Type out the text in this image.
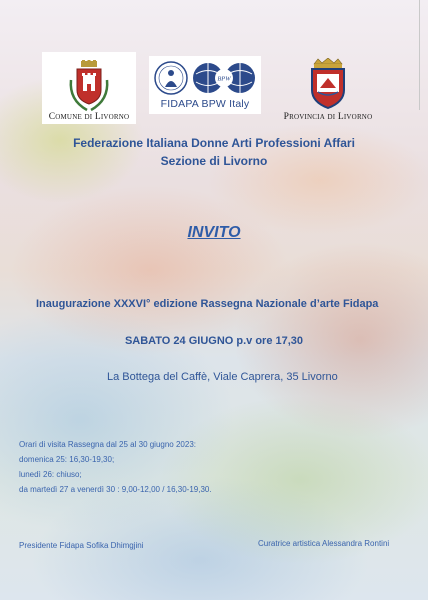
Comune di Livorno
BPW
FIDAPA BPW Italy
Provincia di Livorno
Federazione Italiana Donne Arti Professioni Affari
Sezione di Livorno
INVITO
Inaugurazione XXXVI° edizione Rassegna Nazionale d’arte Fidapa
SABATO 24 GIUGNO p.v ore 17,30
La Bottega del Caffè, Viale Caprera, 35 Livorno
Orari di visita Rassegna dal 25 al 30 giugno 2023:
domenica 25: 16,30-19,30;
lunedì 26: chiuso;
da martedì 27 a venerdì 30 : 9,00-12,00 / 16,30-19,30.
Presidente Fidapa Sofika Dhimgjini	Curatrice artistica Alessandra Rontini
